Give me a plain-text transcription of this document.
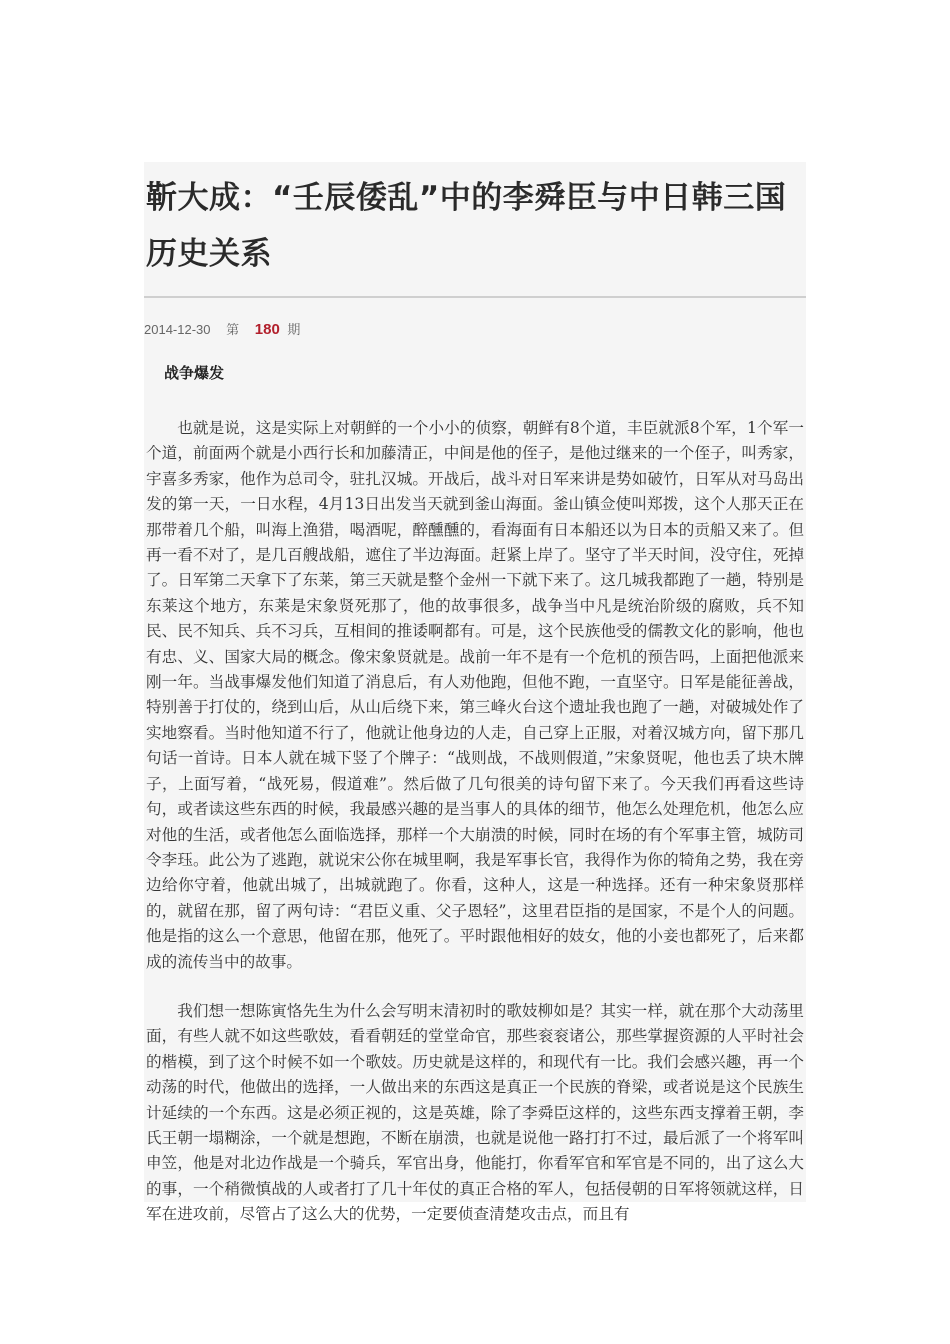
靳大成：“壬辰倭乱”中的李舜臣与中日韩三国历史关系
2014-12-30 第 180 期
战争爆发

也就是说，这是实际上对朝鲜的一个小小的侦察，朝鲜有8个道，丰臣就派8个军，1个军一个道，前面两个就是小西行长和加藤清正，中间是他的侄子，是他过继来的一个侄子，叫秀家，宇喜多秀家，他作为总司令，驻扎汉城。开战后，战斗对日军来讲是势如破竹，日军从对马岛出发的第一天，一日水程，4月13日出发当天就到釜山海面。釜山镇佥使叫郑拨，这个人那天正在那带着几个船，叫海上渔猎，喝酒呢，醉醺醺的，看海面有日本船还以为日本的贡船又来了。但再一看不对了，是几百艘战船，遮住了半边海面。赶紧上岸了。坚守了半天时间，没守住，死掉了。日军第二天拿下了东莱，第三天就是整个金州一下就下来了。这几城我都跑了一趟，特别是东莱这个地方，东莱是宋象贤死那了，他的故事很多，战争当中凡是统治阶级的腐败，兵不知民、民不知兵、兵不习兵，互相间的推诿啊都有。可是，这个民族他受的儒教文化的影响，他也有忠、义、国家大局的概念。像宋象贤就是。战前一年不是有一个危机的预告吗，上面把他派来刚一年。当战事爆发他们知道了消息后，有人劝他跑，但他不跑，一直坚守。日军是能征善战，特别善于打仗的，绕到山后，从山后绕下来，第三峰火台这个遗址我也跑了一趟，对破城处作了实地察看。当时他知道不行了，他就让他身边的人走，自己穿上正服，对着汉城方向，留下那几句话一首诗。日本人就在城下竖了个牌子：“战则战，不战则假道，”宋象贤呢，他也丢了块木牌子，上面写着，“战死易，假道难”。然后做了几句很美的诗句留下来了。今天我们再看这些诗句，或者读这些东西的时候，我最感兴趣的是当事人的具体的细节，他怎么处理危机，他怎么应对他的生活，或者他怎么面临选择，那样一个大崩溃的时候，同时在场的有个军事主管，城防司令李珏。此公为了逃跑，就说宋公你在城里啊，我是军事长官，我得作为你的犄角之势，我在旁边给你守着，他就出城了，出城就跑了。你看，这种人，这是一种选择。还有一种宋象贤那样的，就留在那，留了两句诗：“君臣义重、父子恩轻”，这里君臣指的是国家，不是个人的问题。他是指的这么一个意思，他留在那，他死了。平时跟他相好的妓女，他的小妾也都死了，后来都成的流传当中的故事。

我们想一想陈寅恪先生为什么会写明末清初时的歌妓柳如是？其实一样，就在那个大动荡里面，有些人就不如这些歌妓，看看朝廷的堂堂命官，那些衮衮诸公，那些掌握资源的人平时社会的楷模，到了这个时候不如一个歌妓。历史就是这样的，和现代有一比。我们会感兴趣，再一个动荡的时代，他做出的选择，一人做出来的东西这是真正一个民族的脊梁，或者说是这个民族生计延续的一个东西。这是必须正视的，这是英雄，除了李舜臣这样的，这些东西支撑着王朝，李氏王朝一塌糊涂，一个就是想跑，不断在崩溃，也就是说他一路打打不过，最后派了一个将军叫申笠，他是对北边作战是一个骑兵，军官出身，他能打，你看军官和军官是不同的，出了这么大的事，一个稍微慎战的人或者打了几十年仗的真正合格的军人，包括侵朝的日军将领就这样，日军在进攻前，尽管占了这么大的优势，一定要侦查清楚攻击点，而且有
